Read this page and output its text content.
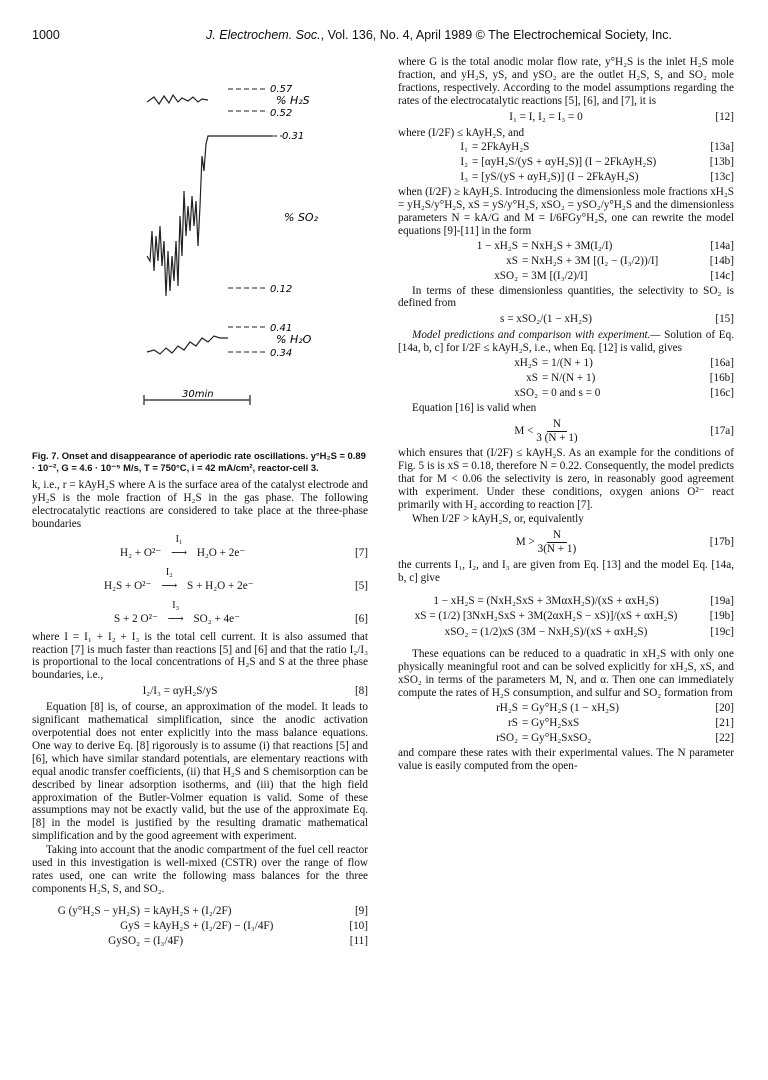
1000	J. Electrochem. Soc., Vol. 136, No. 4, April 1989 © The Electrochemical Society, Inc.
0.57
% H₂S
0.52
0.31
% SO₂
0.12
0.41
% H₂O
0.34
30min

Fig. 7. Onset and disappearance of aperiodic rate oscillations. y°H₂S = 0.89 · 10⁻², G = 4.6 · 10⁻⁵ M/s, T = 750°C, i = 42 mA/cm², reactor-cell 3.

k, i.e., r = kAyH₂S where A is the surface area of the catalyst electrode and yH₂S is the mole fraction of H₂S in the gas phase. The following electrocatalytic reactions are considered to take place at the three-phase boundaries

H₂ + O²⁻
I₁
⟶ H₂O + 2e⁻	[7]
H₂S + O²⁻
I₂
⟶ S + H₂O + 2e⁻	[5]
S + 2 O²⁻
I₃
⟶ SO₂ + 4e⁻	[6]

where I = I₁ + I₂ + I₃ is the total cell current. It is also assumed that reaction [7] is much faster than reactions [5] and [6] and that the ratio I₂/I₃ is proportional to the local concentrations of H₂S and S at the three phase boundaries, i.e.,

I₂/I₃ = αyH₂S/yS	[8]

Equation [8] is, of course, an approximation of the model. It leads to significant mathematical simplification, since the anodic activation overpotential does not enter explicitly into the mass balance equations. One way to derive Eq. [8] rigorously is to assume (i) that reactions [5] and [6], which have similar standard potentials, are elementary reactions with equal anodic transfer coefficients, (ii) that H₂S and S chemisorption can be described by linear adsorption isotherms, and (iii) that the high field approximation of the Butler-Volmer equation is valid. Some of these assumptions may not be exactly valid, but the use of the approximate Eq. [8] in the model is justified by the resulting dramatic mathematical simplification and by the good agreement with experiment.

Taking into account that the anodic compartment of the fuel cell reactor used in this investigation is well-mixed (CSTR) over the range of flow rates used, one can write the following mass balances for the three components H₂S, S, and SO₂.

G (y°H₂S − yH₂S) = kAyH₂S + (I₂/2F)	[9]
GyS = kAyH₂S + (I₂/2F) − (I₃/4F)	[10]
GySO₂ = (I₃/4F)	[11]

where G is the total anodic molar flow rate, y°H₂S is the inlet H₂S mole fraction, and yH₂S, yS, and ySO₂ are the outlet H₂S, S, and SO₂ mole fractions, respectively. According to the model assumptions regarding the rates of the electrocatalytic reactions [5], [6], and [7], it is

I₁ = I, I₂ = I₃ = 0	[12]

where (I/2F) ≤ kAyH₂S, and

I₁ = 2FkAyH₂S	[13a]
I₂ = [αyH₂S/(yS + αyH₂S)] (I − 2FkAyH₂S)	[13b]
I₃ = [yS/(yS + αyH₂S)] (I − 2FkAyH₂S)	[13c]

when (I/2F) ≥ kAyH₂S. Introducing the dimensionless mole fractions xH₂S = yH₂S/y°H₂S, xS = yS/y°H₂S, xSO₂ = ySO₂/y°H₂S and the dimensionless parameters N = kA/G and M = I/6FGy°H₂S, one can rewrite the model equations [9]-[11] in the form

1 − xH₂S = NxH₂S + 3M(I₂/I)	[14a]
xS = NxH₂S + 3M [(I₂ − (I₃/2))/I]	[14b]
xSO₂ = 3M [(I₃/2)/I]	[14c]

In terms of these dimensionless quantities, the selectivity to SO₂ is defined from

s = xSO₂/(1 − xH₂S)	[15]

Model predictions and comparison with experiment.— Solution of Eq. [14a, b, c] for I/2F ≤ kAyH₂S, i.e., when Eq. [12] is valid, gives

xH₂S = 1/(N + 1)	[16a]
xS = N/(N + 1)	[16b]
xSO₂ = 0 and s = 0	[16c]

Equation [16] is valid when

$M < \frac{N}{3 (N + 1)}$	[17a]

which ensures that (I/2F) ≤ kAyH₂S. As an example for the conditions of Fig. 5 is is xS = 0.18, therefore N = 0.22. Consequently, the model predicts that for M < 0.06 the selectivity is zero, in reasonably good agreement with experiment. Under these conditions, oxygen anions O²⁻ react primarily with H₂ according to reaction [7].

When I/2F > kAyH₂S, or, equivalently

$M > \frac{N}{3(N + 1)}$	[17b]

the currents I₁, I₂, and I₃ are given from Eq. [13] and the model Eq. [14a, b, c] give

1 − xH₂S = (NxH₂SxS + 3MαxH₂S)/(xS + αxH₂S)	[19a]
xS = (1/2) [3NxH₂SxS + 3M(2αxH₂S − xS)]/(xS + αxH₂S)	[19b]
xSO₂ = (1/2)xS (3M − NxH₂S)/(xS + αxH₂S)	[19c]

These equations can be reduced to a quadratic in xH₂S with only one physically meaningful root and can be solved explicitly for xH₂S, xS, and xSO₂ in terms of the parameters M, N, and α. Then one can immediately compute the rates of H₂S consumption, and sulfur and SO₂ formation from

rH₂S = Gy°H₂S (1 − xH₂S)	[20]
rS = Gy°H₂SxS	[21]
rSO₂ = Gy°H₂SxSO₂	[22]

and compare these rates with their experimental values. The N parameter value is easily computed from the open-
